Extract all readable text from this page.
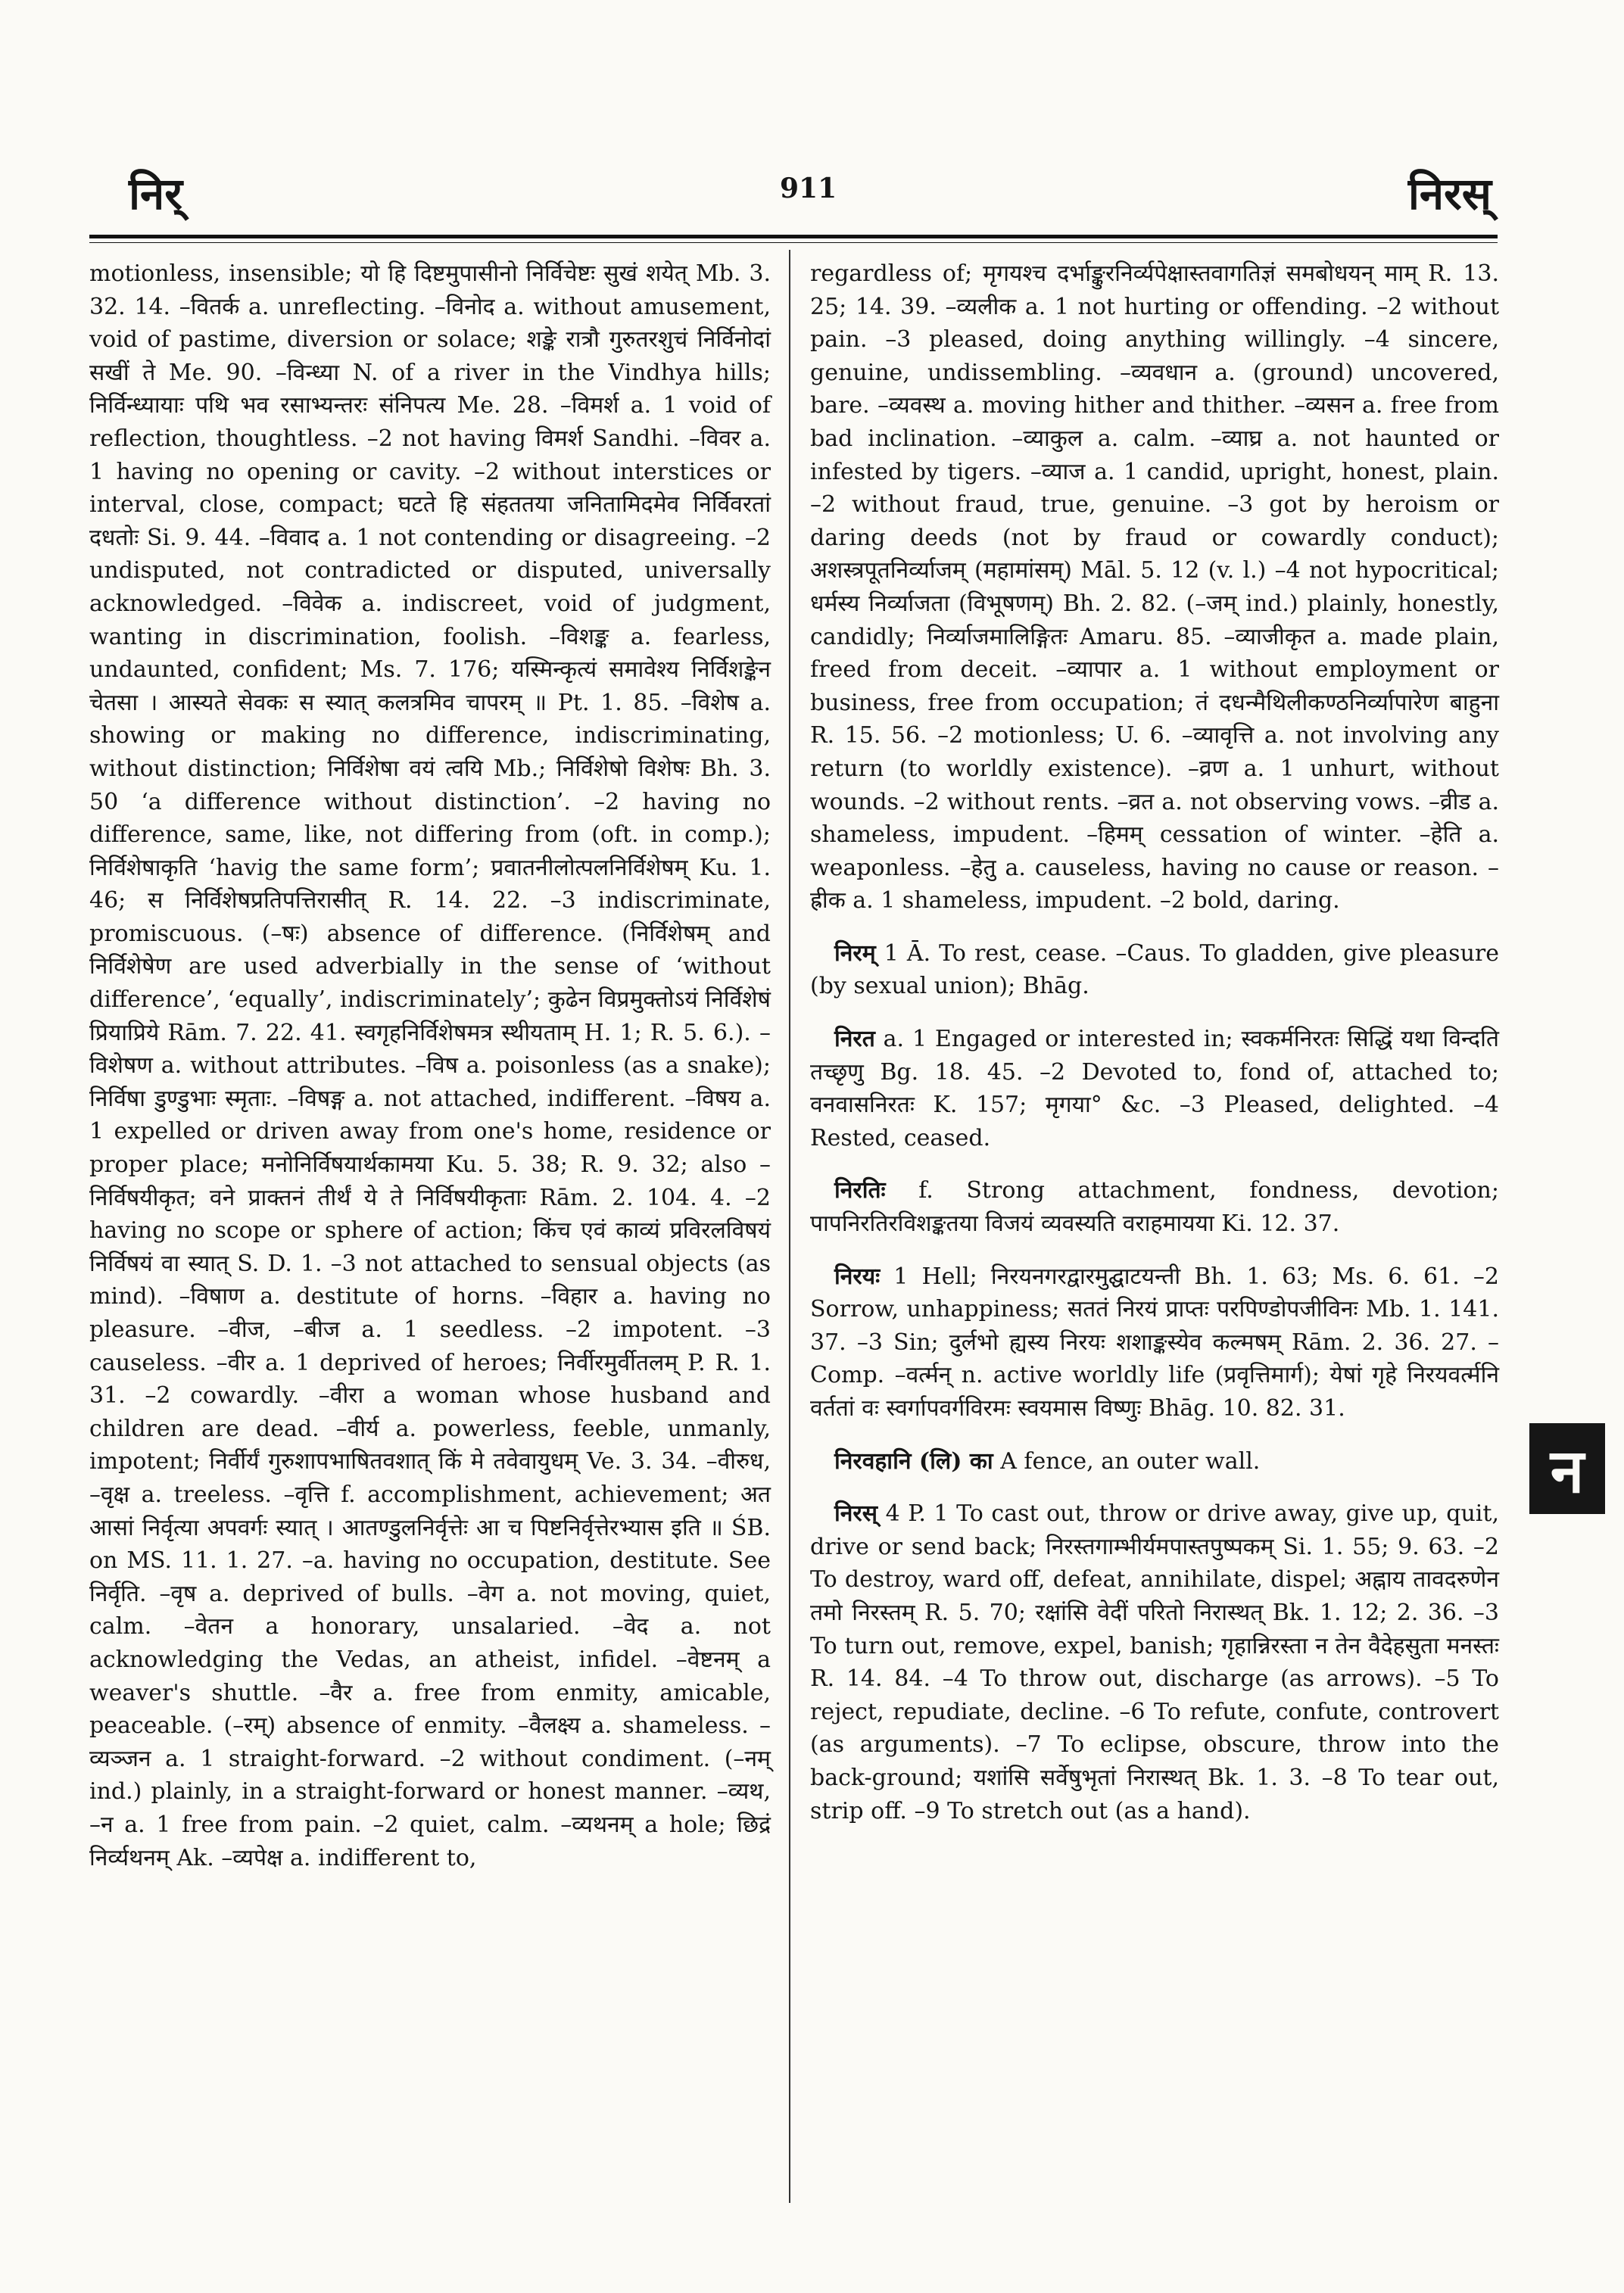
निर्	911	निरस्

motionless, insensible; यो हि दिष्टमुपासीनो निर्विचेष्टः सुखं शयेत् Mb. 3. 32. 14. –वितर्क a. unreflecting. –विनोद a. without amusement, void of pastime, diversion or solace; शङ्के रात्रौ गुरुतरशुचं निर्विनोदां सखीं ते Me. 90. –विन्ध्या N. of a river in the Vindhya hills; निर्विन्ध्यायाः पथि भव रसाभ्यन्तरः संनिपत्य Me. 28. –विमर्श a. 1 void of reflection, thoughtless. –2 not having विमर्श Sandhi. –विवर a. 1 having no opening or cavity. –2 without interstices or interval, close, compact; घटते हि संहततया जनितामिदमेव निर्विवरतां दधतोः Si. 9. 44. –विवाद a. 1 not contending or disagreeing. –2 undisputed, not contradicted or disputed, universally acknowledged. –विवेक a. indiscreet, void of judgment, wanting in discrimination, foolish. –विशङ्क a. fearless, undaunted, confident; Ms. 7. 176; यस्मिन्कृत्यं समावेश्य निर्विशङ्केन चेतसा । आस्यते सेवकः स स्यात् कलत्रमिव चापरम् ॥ Pt. 1. 85. –विशेष a. showing or making no difference, indiscriminating, without distinction; निर्विशेषा वयं त्वयि Mb.; निर्विशेषो विशेषः Bh. 3. 50 ‘a difference without distinction’. –2 having no difference, same, like, not differing from (oft. in comp.); निर्विशेषाकृति ‘havig the same form’; प्रवातनीलोत्पलनिर्विशेषम् Ku. 1. 46; स निर्विशेषप्रतिपत्तिरासीत् R. 14. 22. –3 indiscriminate, promiscuous. (–षः) absence of difference. (निर्विशेषम् and निर्विशेषेण are used adverbially in the sense of ‘without difference’, ‘equally’, indiscriminately’; कुढेन विप्रमुक्तोऽयं निर्विशेषं प्रियाप्रिये Rām. 7. 22. 41. स्वगृहनिर्विशेषमत्र स्थीयताम् H. 1; R. 5. 6.). –विशेषण a. without attributes. –विष a. poisonless (as a snake); निर्विषा डुण्डुभाः स्मृताः. –विषङ्ग a. not attached, indifferent. –विषय a. 1 expelled or driven away from one's home, residence or proper place; मनोनिर्विषयार्थकामया Ku. 5. 38; R. 9. 32; also –निर्विषयीकृत; वने प्राक्तनं तीर्थं ये ते निर्विषयीकृताः Rām. 2. 104. 4. –2 having no scope or sphere of action; किंच एवं काव्यं प्रविरलविषयं निर्विषयं वा स्यात् S. D. 1. –3 not attached to sensual objects (as mind). –विषाण a. destitute of horns. –विहार a. having no pleasure. –वीज, –बीज a. 1 seedless. –2 impotent. –3 causeless. –वीर a. 1 deprived of heroes; निर्वीरमुर्वीतलम् P. R. 1. 31. –2 cowardly. –वीरा a woman whose husband and children are dead. –वीर्य a. powerless, feeble, unmanly, impotent; निर्वीर्यं गुरुशापभाषितवशात् किं मे तवेवायुधम् Ve. 3. 34. –वीरुध, –वृक्ष a. treeless. –वृत्ति f. accomplishment, achievement; अत आसां निर्वृत्या अपवर्गः स्यात् । आतण्डुलनिर्वृत्तेः आ च पिष्टनिर्वृत्तेरभ्यास इति ॥ ŚB. on MS. 11. 1. 27. –a. having no occupation, destitute. See निर्वृति. –वृष a. deprived of bulls. –वेग a. not moving, quiet, calm. –वेतन a honorary, unsalaried. –वेद a. not acknowledging the Vedas, an atheist, infidel. –वेष्टनम् a weaver's shuttle. –वैर a. free from enmity, amicable, peaceable. (–रम्) absence of enmity. –वैलक्ष्य a. shameless. –व्यञ्जन a. 1 straight-forward. –2 without condiment. (–नम् ind.) plainly, in a straight-forward or honest manner. –व्यथ, –न a. 1 free from pain. –2 quiet, calm. –व्यथनम् a hole; छिद्रं निर्व्यथनम् Ak. –व्यपेक्ष a. indifferent to,

regardless of; मृगयश्च दर्भाङ्कुरनिर्व्यपेक्षास्तवागतिज्ञं समबोधयन् माम् R. 13. 25; 14. 39. –व्यलीक a. 1 not hurting or offending. –2 without pain. –3 pleased, doing anything willingly. –4 sincere, genuine, undissembling. –व्यवधान a. (ground) uncovered, bare. –व्यवस्थ a. moving hither and thither. –व्यसन a. free from bad inclination. –व्याकुल a. calm. –व्याघ्र a. not haunted or infested by tigers. –व्याज a. 1 candid, upright, honest, plain. –2 without fraud, true, genuine. –3 got by heroism or daring deeds (not by fraud or cowardly conduct); अशस्त्रपूतनिर्व्याजम् (महामांसम्) Māl. 5. 12 (v. l.) –4 not hypocritical; धर्मस्य निर्व्याजता (विभूषणम्) Bh. 2. 82. (–जम् ind.) plainly, honestly, candidly; निर्व्याजमालिङ्गितः Amaru. 85. –व्याजीकृत a. made plain, freed from deceit. –व्यापार a. 1 without employment or business, free from occupation; तं दधन्मैथिलीकण्ठनिर्व्यापारेण बाहुना R. 15. 56. –2 motionless; U. 6. –व्यावृत्ति a. not involving any return (to worldly existence). –व्रण a. 1 unhurt, without wounds. –2 without rents. –व्रत a. not observing vows. –व्रीड a. shameless, impudent. –हिमम् cessation of winter. –हेति a. weaponless. –हेतु a. causeless, having no cause or reason. –ह्रीक a. 1 shameless, impudent. –2 bold, daring.

निरम् 1 Ā. To rest, cease. –Caus. To gladden, give pleasure (by sexual union); Bhāg.

निरत a. 1 Engaged or interested in; स्वकर्मनिरतः सिद्धिं यथा विन्दति तच्छृणु Bg. 18. 45. –2 Devoted to, fond of, attached to; वनवासनिरतः K. 157; मृगया° &c. –3 Pleased, delighted. –4 Rested, ceased.

निरतिः f. Strong attachment, fondness, devotion; पापनिरतिरविशङ्कतया विजयं व्यवस्यति वराहमायया Ki. 12. 37.

निरयः 1 Hell; निरयनगरद्वारमुद्घाटयन्ती Bh. 1. 63; Ms. 6. 61. –2 Sorrow, unhappiness; सततं निरयं प्राप्तः परपिण्डोपजीविनः Mb. 1. 141. 37. –3 Sin; दुर्लभो ह्यस्य निरयः शशाङ्कस्येव कल्मषम् Rām. 2. 36. 27. –Comp. –वर्त्मन् n. active worldly life (प्रवृत्तिमार्ग); येषां गृहे निरयवर्त्मनि वर्ततां वः स्वर्गापवर्गविरमः स्वयमास विष्णुः Bhāg. 10. 82. 31.

निरवहानि (लि) का A fence, an outer wall.

निरस् 4 P. 1 To cast out, throw or drive away, give up, quit, drive or send back; निरस्तगाम्भीर्यमपास्तपुष्पकम् Si. 1. 55; 9. 63. –2 To destroy, ward off, defeat, annihilate, dispel; अह्नाय तावदरुणेन तमो निरस्तम् R. 5. 70; रक्षांसि वेदीं परितो निरास्थत् Bk. 1. 12; 2. 36. –3 To turn out, remove, expel, banish; गृहान्निरस्ता न तेन वैदेहसुता मनस्तः R. 14. 84. –4 To throw out, discharge (as arrows). –5 To reject, repudiate, decline. –6 To refute, confute, controvert (as arguments). –7 To eclipse, obscure, throw into the back-ground; यशांसि सर्वेषुभृतां निरास्थत् Bk. 1. 3. –8 To tear out, strip off. –9 To stretch out (as a hand).

न
